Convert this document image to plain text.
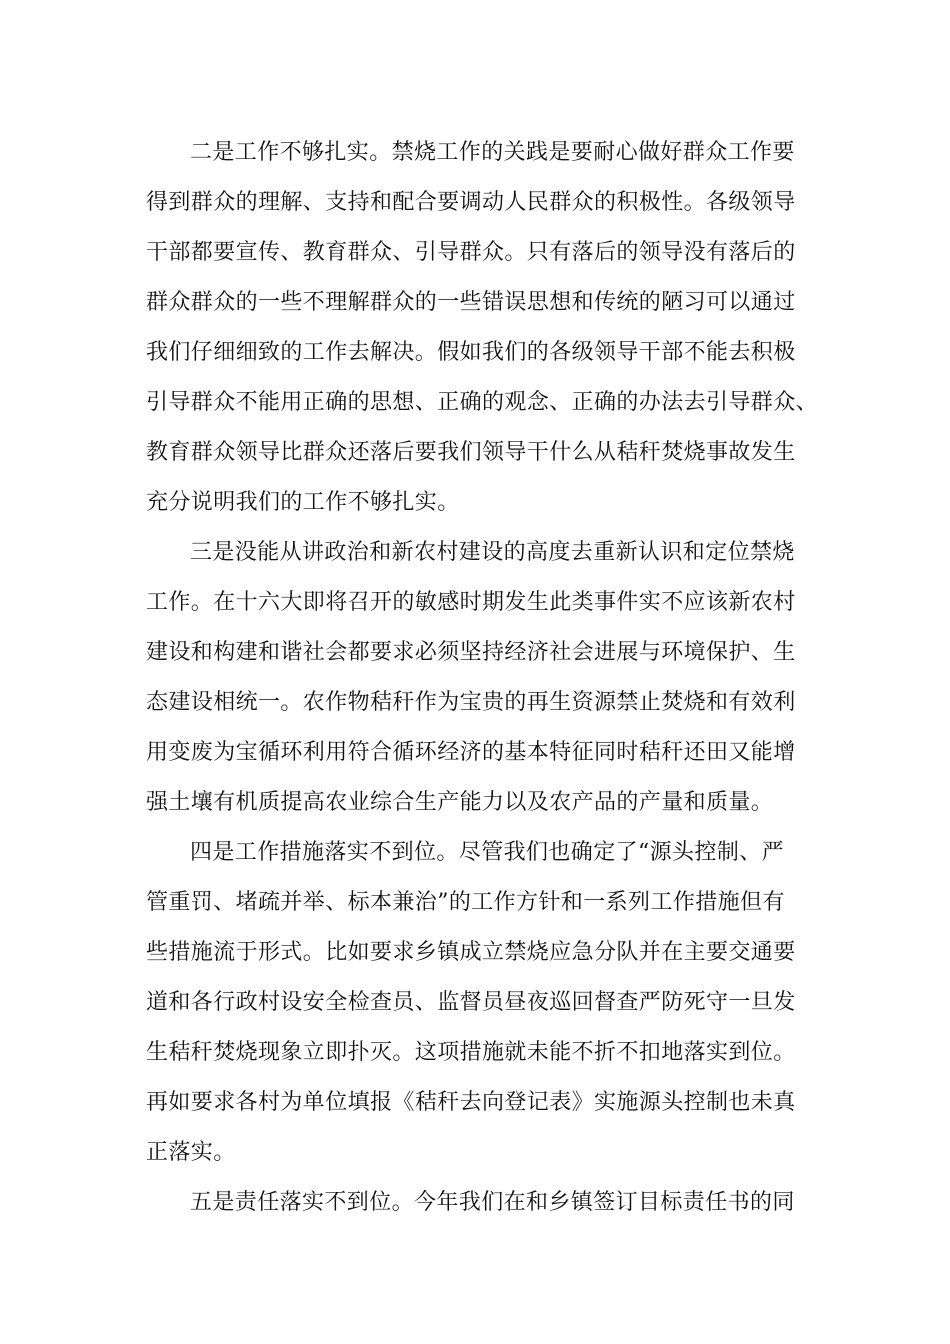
二是工作不够扎实。禁烧工作的关践是要耐心做好群众工作要
得到群众的理解、支持和配合要调动人民群众的积极性。各级领导
干部都要宣传、教育群众、引导群众。只有落后的领导没有落后的
群众群众的一些不理解群众的一些错误思想和传统的陋习可以通过
我们仔细细致的工作去解决。假如我们的各级领导干部不能去积极
引导群众不能用正确的思想、正确的观念、正确的办法去引导群众、
教育群众领导比群众还落后要我们领导干什么从秸秆焚烧事故发生
充分说明我们的工作不够扎实。
三是没能从讲政治和新农村建设的高度去重新认识和定位禁烧
工作。在十六大即将召开的敏感时期发生此类事件实不应该新农村
建设和构建和谐社会都要求必须坚持经济社会进展与环境保护、生
态建设相统一。农作物秸秆作为宝贵的再生资源禁止焚烧和有效利
用变废为宝循环利用符合循环经济的基本特征同时秸秆还田又能增
强土壤有机质提高农业综合生产能力以及农产品的产量和质量。
四是工作措施落实不到位。尽管我们也确定了“源头控制、严
管重罚、堵疏并举、标本兼治”的工作方针和一系列工作措施但有
些措施流于形式。比如要求乡镇成立禁烧应急分队并在主要交通要
道和各行政村设安全检查员、监督员昼夜巡回督查严防死守一旦发
生秸秆焚烧现象立即扑灭。这项措施就未能不折不扣地落实到位。
再如要求各村为单位填报《秸秆去向登记表》实施源头控制也未真
正落实。
五是责任落实不到位。今年我们在和乡镇签订目标责任书的同
